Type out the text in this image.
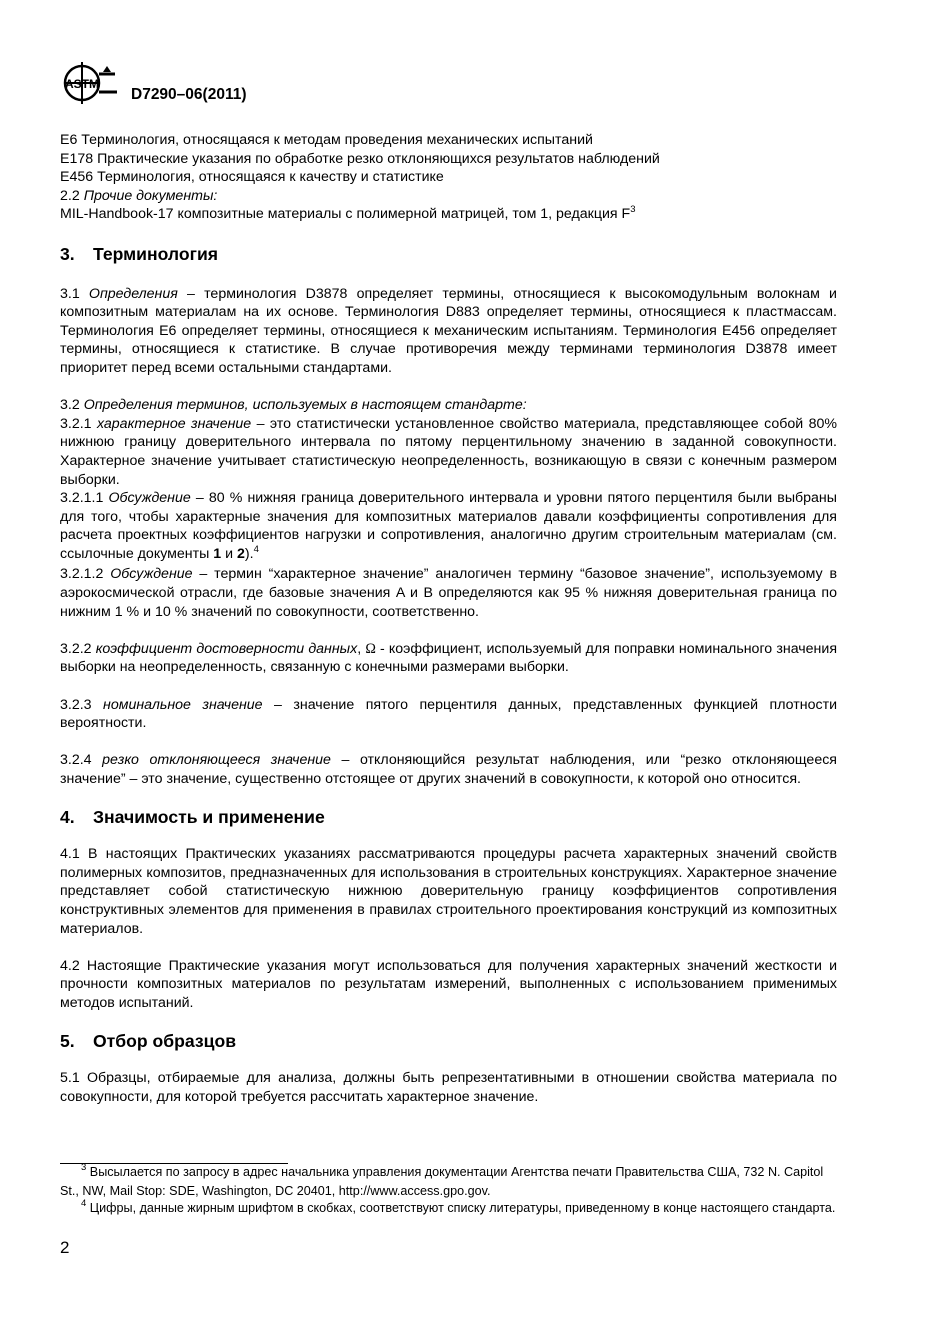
ASTM
D7290–06(2011)

E6 Терминология, относящаяся к методам проведения механических испытаний

E178 Практические указания по обработке резко отклоняющихся результатов наблюдений

E456 Терминология, относящаяся к качеству и статистике

2.2 Прочие документы:

MIL-Handbook-17 композитные материалы с полимерной матрицей, том 1, редакция $F^3$

3. Терминология

3.1 Определения – терминология D3878 определяет термины, относящиеся к высокомодульным волокнам и композитным материалам на их основе. Терминология D883 определяет термины, относящиеся к пластмассам. Терминология E6 определяет термины, относящиеся к механическим испытаниям. Терминология E456 определяет термины, относящиеся к статистике. В случае противоречия между терминами терминология D3878 имеет приоритет перед всеми остальными стандартами.

3.2 Определения терминов, используемых в настоящем стандарте:

3.2.1 характерное значение – это статистически установленное свойство материала, представляющее собой 80% нижнюю границу доверительного интервала по пятому перцентильному значению в заданной совокупности. Характерное значение учитывает статистическую неопределенность, возникающую в связи с конечным размером выборки.

3.2.1.1 Обсуждение – 80 % нижняя граница доверительного интервала и уровни пятого перцентиля были выбраны для того, чтобы характерные значения для композитных материалов давали коэффициенты сопротивления для расчета проектных коэффициентов нагрузки и сопротивления, аналогично другим строительным материалам (см. ссылочные документы 1 и 2).$^4$

3.2.1.2 Обсуждение – термин “характерное значение” аналогичен термину “базовое значение”, используемому в аэрокосмической отрасли, где базовые значения A и B определяются как 95 % нижняя доверительная граница по нижним 1 % и 10 % значений по совокупности, соответственно.

3.2.2 коэффициент достоверности данных, Ω - коэффициент, используемый для поправки номинального значения выборки на неопределенность, связанную с конечными размерами выборки.

3.2.3 номинальное значение – значение пятого перцентиля данных, представленных функцией плотности вероятности.

3.2.4 резко отклоняющееся значение – отклоняющийся результат наблюдения, или “резко отклоняющееся значение” – это значение, существенно отстоящее от других значений в совокупности, к которой оно относится.

4. Значимость и применение

4.1 В настоящих Практических указаниях рассматриваются процедуры расчета характерных значений свойств полимерных композитов, предназначенных для использования в строительных конструкциях. Характерное значение представляет собой статистическую нижнюю доверительную границу коэффициентов сопротивления конструктивных элементов для применения в правилах строительного проектирования конструкций из композитных материалов.

4.2 Настоящие Практические указания могут использоваться для получения характерных значений жесткости и прочности композитных материалов по результатам измерений, выполненных с использованием применимых методов испытаний.

5. Отбор образцов

5.1 Образцы, отбираемые для анализа, должны быть репрезентативными в отношении свойства материала по совокупности, для которой требуется рассчитать характерное значение.

$^3$ Высылается по запросу в адрес начальника управления документации Агентства печати Правительства США, 732 N. Capitol St., NW, Mail Stop: SDE, Washington, DC 20401, http://www.access.gpo.gov.

$^4$ Цифры, данные жирным шрифтом в скобках, соответствуют списку литературы, приведенному в конце настоящего стандарта.

2
